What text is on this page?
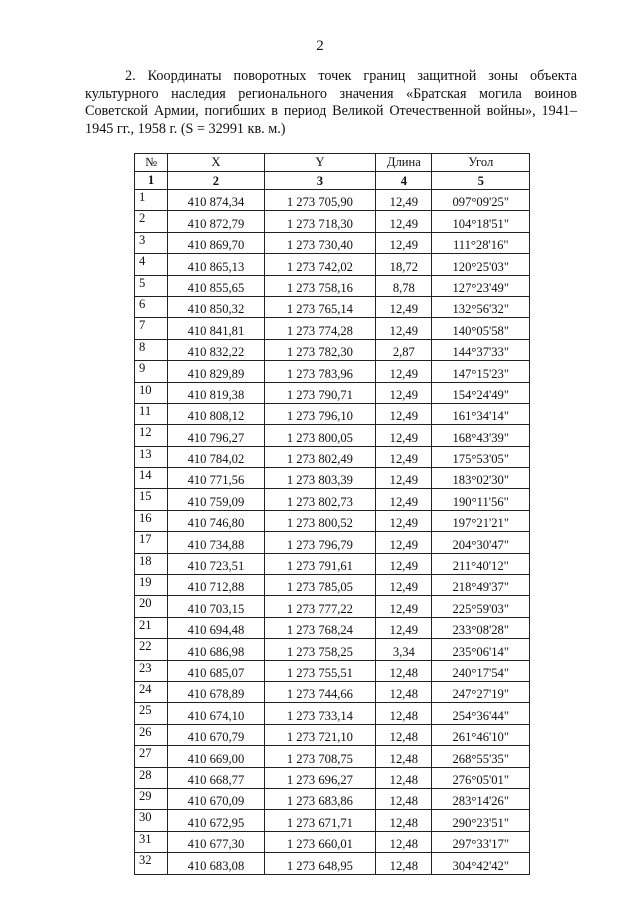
2
2. Координаты поворотных точек границ защитной зоны объекта культурного наследия регионального значения «Братская могила воинов Советской Армии, погибших в период Великой Отечественной войны», 1941–1945 гг., 1958 г. (S = 32991 кв. м.)
№	X	Y	Длина	Угол
1	2	3	4	5
1	410 874,34	1 273 705,90	12,49	097°09'25"
2	410 872,79	1 273 718,30	12,49	104°18'51"
3	410 869,70	1 273 730,40	12,49	111°28'16"
4	410 865,13	1 273 742,02	18,72	120°25'03"
5	410 855,65	1 273 758,16	8,78	127°23'49"
6	410 850,32	1 273 765,14	12,49	132°56'32"
7	410 841,81	1 273 774,28	12,49	140°05'58"
8	410 832,22	1 273 782,30	2,87	144°37'33"
9	410 829,89	1 273 783,96	12,49	147°15'23"
10	410 819,38	1 273 790,71	12,49	154°24'49"
11	410 808,12	1 273 796,10	12,49	161°34'14"
12	410 796,27	1 273 800,05	12,49	168°43'39"
13	410 784,02	1 273 802,49	12,49	175°53'05"
14	410 771,56	1 273 803,39	12,49	183°02'30"
15	410 759,09	1 273 802,73	12,49	190°11'56"
16	410 746,80	1 273 800,52	12,49	197°21'21"
17	410 734,88	1 273 796,79	12,49	204°30'47"
18	410 723,51	1 273 791,61	12,49	211°40'12"
19	410 712,88	1 273 785,05	12,49	218°49'37"
20	410 703,15	1 273 777,22	12,49	225°59'03"
21	410 694,48	1 273 768,24	12,49	233°08'28"
22	410 686,98	1 273 758,25	3,34	235°06'14"
23	410 685,07	1 273 755,51	12,48	240°17'54"
24	410 678,89	1 273 744,66	12,48	247°27'19"
25	410 674,10	1 273 733,14	12,48	254°36'44"
26	410 670,79	1 273 721,10	12,48	261°46'10"
27	410 669,00	1 273 708,75	12,48	268°55'35"
28	410 668,77	1 273 696,27	12,48	276°05'01"
29	410 670,09	1 273 683,86	12,48	283°14'26"
30	410 672,95	1 273 671,71	12,48	290°23'51"
31	410 677,30	1 273 660,01	12,48	297°33'17"
32	410 683,08	1 273 648,95	12,48	304°42'42"
